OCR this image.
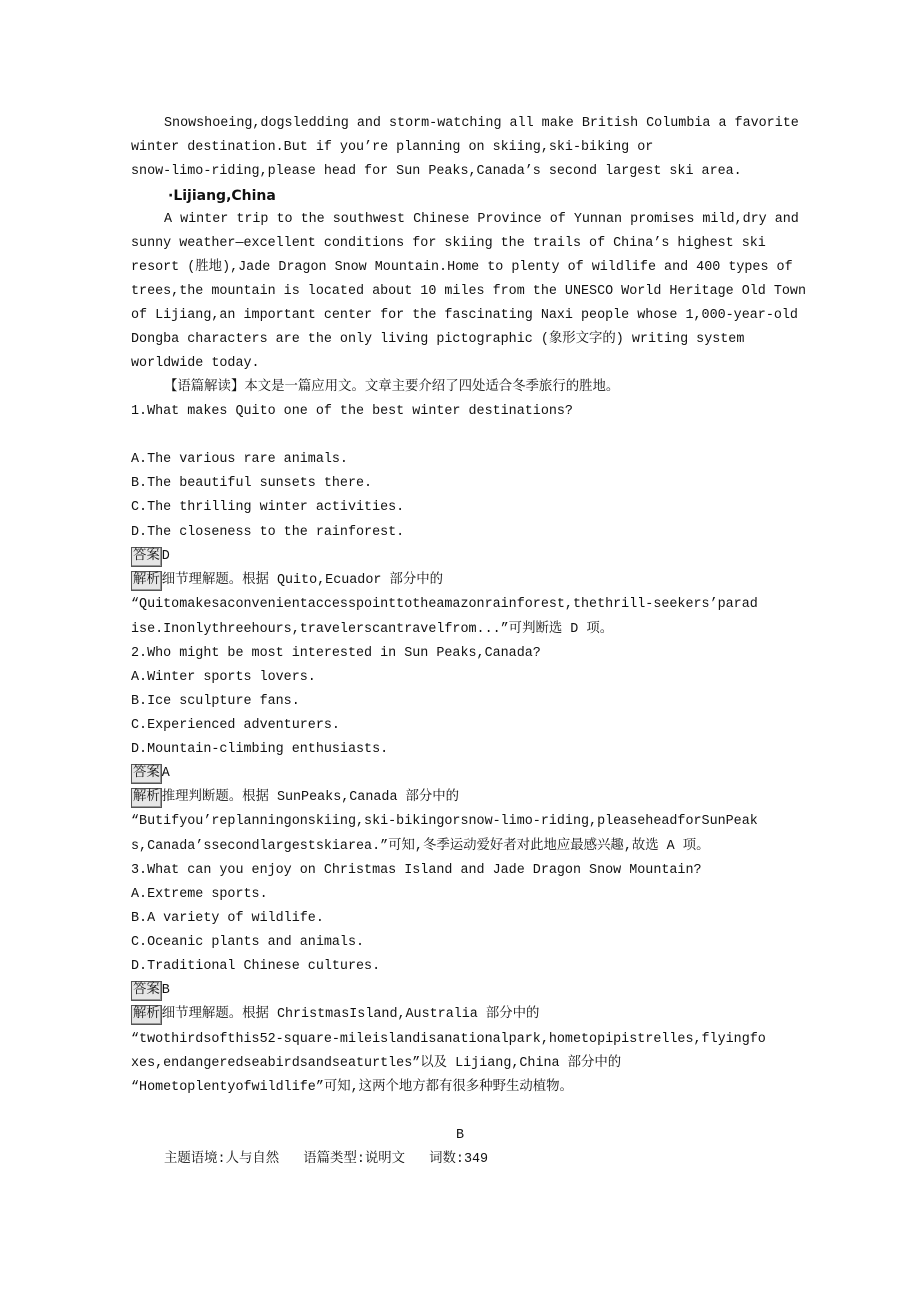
Snowshoeing,dogsledding and storm-watching all make British Columbia a favorite
winter destination.But if you’re planning on skiing,ski-biking or
snow-limo-riding,please head for Sun Peaks,Canada’s second largest ski area.
·Lijiang,China
A winter trip to the southwest Chinese Province of Yunnan promises mild,dry and
sunny weather—excellent conditions for skiing the trails of China’s highest ski
resort (胜地),Jade Dragon Snow Mountain.Home to plenty of wildlife and 400 types of
trees,the mountain is located about 10 miles from the UNESCO World Heritage Old Town
of Lijiang,an important center for the fascinating Naxi people whose 1,000-year-old
Dongba characters are the only living pictographic (象形文字的) writing system
worldwide today.
【语篇解读】本文是一篇应用文。文章主要介绍了四处适合冬季旅行的胜地。
1.What makes Quito one of the best winter destinations?
A.The various rare animals.
B.The beautiful sunsets there.
C.The thrilling winter activities.
D.The closeness to the rainforest.
答案 D
解析 细节理解题。根据 Quito,Ecuador 部分中的
“Quitomakesaconvenientaccesspointtotheamazonrainforest,thethrill-seekers’parad
ise.Inonlythreehours,travelerscantravelfrom...”可判断选 D 项。
2.Who might be most interested in Sun Peaks,Canada?
A.Winter sports lovers.
B.Ice sculpture fans.
C.Experienced adventurers.
D.Mountain-climbing enthusiasts.
答案 A
解析 推理判断题。根据 SunPeaks,Canada 部分中的
“Butifyou’replanningonskiing,ski-bikingorsnow-limo-riding,pleaseheadforSunPeak
s,Canada’ssecondlargestskiarea.”可知,冬季运动爱好者对此地应最感兴趣,故选 A 项。
3.What can you enjoy on Christmas Island and Jade Dragon Snow Mountain?
A.Extreme sports.
B.A variety of wildlife.
C.Oceanic plants and animals.
D.Traditional Chinese cultures.
答案 B
解析 细节理解题。根据 ChristmasIsland,Australia 部分中的
“twothirdsofthis52-square-mileislandisanationalpark,hometopipistrelles,flyingfo
xes,endangeredseabirdsandseaturtles”以及 Lijiang,China 部分中的
“Hometoplentyofwildlife”可知,这两个地方都有很多种野生动植物。
B
主题语境:人与自然   语篇类型:说明文   词数:349
